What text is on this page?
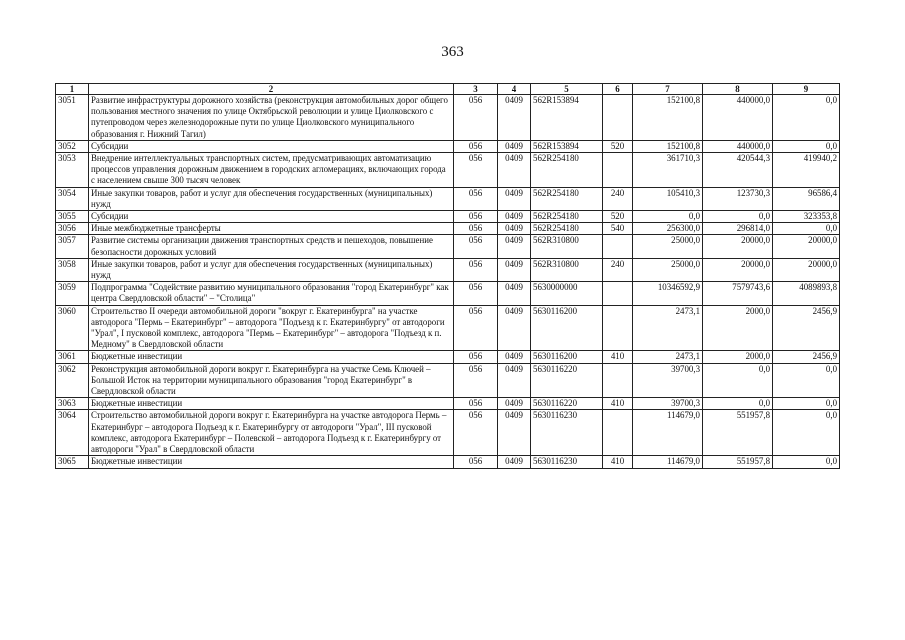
363
1	2	3	4	5	6	7	8	9
3051	Развитие инфраструктуры дорожного хозяйства (реконструкция автомобильных дорог общего пользования местного значения по улице Октябрьской революции и улице Циолковского с путепроводом через железнодорожные пути по улице Циолковского муниципального образования г. Нижний Тагил)	056	0409	562R153894		152100,8	440000,0	0,0
3052	Субсидии	056	0409	562R153894	520	152100,8	440000,0	0,0
3053	Внедрение интеллектуальных транспортных систем, предусматривающих автоматизацию процессов управления дорожным движением в городских агломерациях, включающих города с населением свыше 300 тысяч человек	056	0409	562R254180		361710,3	420544,3	419940,2
3054	Иные закупки товаров, работ и услуг для обеспечения государственных (муниципальных) нужд	056	0409	562R254180	240	105410,3	123730,3	96586,4
3055	Субсидии	056	0409	562R254180	520	0,0	0,0	323353,8
3056	Иные межбюджетные трансферты	056	0409	562R254180	540	256300,0	296814,0	0,0
3057	Развитие системы организации движения транспортных средств и пешеходов, повышение безопасности дорожных условий	056	0409	562R310800		25000,0	20000,0	20000,0
3058	Иные закупки товаров, работ и услуг для обеспечения государственных (муниципальных) нужд	056	0409	562R310800	240	25000,0	20000,0	20000,0
3059	Подпрограмма "Содействие развитию муниципального образования "город Екатеринбург" как центра Свердловской области" – "Столица"	056	0409	5630000000		10346592,9	7579743,6	4089893,8
3060	Строительство II очереди автомобильной дороги "вокруг г. Екатеринбурга" на участке автодорога "Пермь – Екатеринбург" – автодорога "Подъезд к г. Екатеринбургу" от автодороги "Урал", I пусковой комплекс, автодорога "Пермь – Екатеринбург" – автодорога "Подъезд к п. Медному" в Свердловской области	056	0409	5630116200		2473,1	2000,0	2456,9
3061	Бюджетные инвестиции	056	0409	5630116200	410	2473,1	2000,0	2456,9
3062	Реконструкция автомобильной дороги вокруг г. Екатеринбурга на участке Семь Ключей – Большой Исток на территории муниципального образования "город Екатеринбург" в Свердловской области	056	0409	5630116220		39700,3	0,0	0,0
3063	Бюджетные инвестиции	056	0409	5630116220	410	39700,3	0,0	0,0
3064	Строительство автомобильной дороги вокруг г. Екатеринбурга на участке автодорога Пермь – Екатеринбург – автодорога Подъезд к г. Екатеринбургу от автодороги "Урал", III пусковой комплекс, автодорога Екатеринбург – Полевской – автодорога Подъезд к г. Екатеринбургу от автодороги "Урал" в Свердловской области	056	0409	5630116230		114679,0	551957,8	0,0
3065	Бюджетные инвестиции	056	0409	5630116230	410	114679,0	551957,8	0,0
